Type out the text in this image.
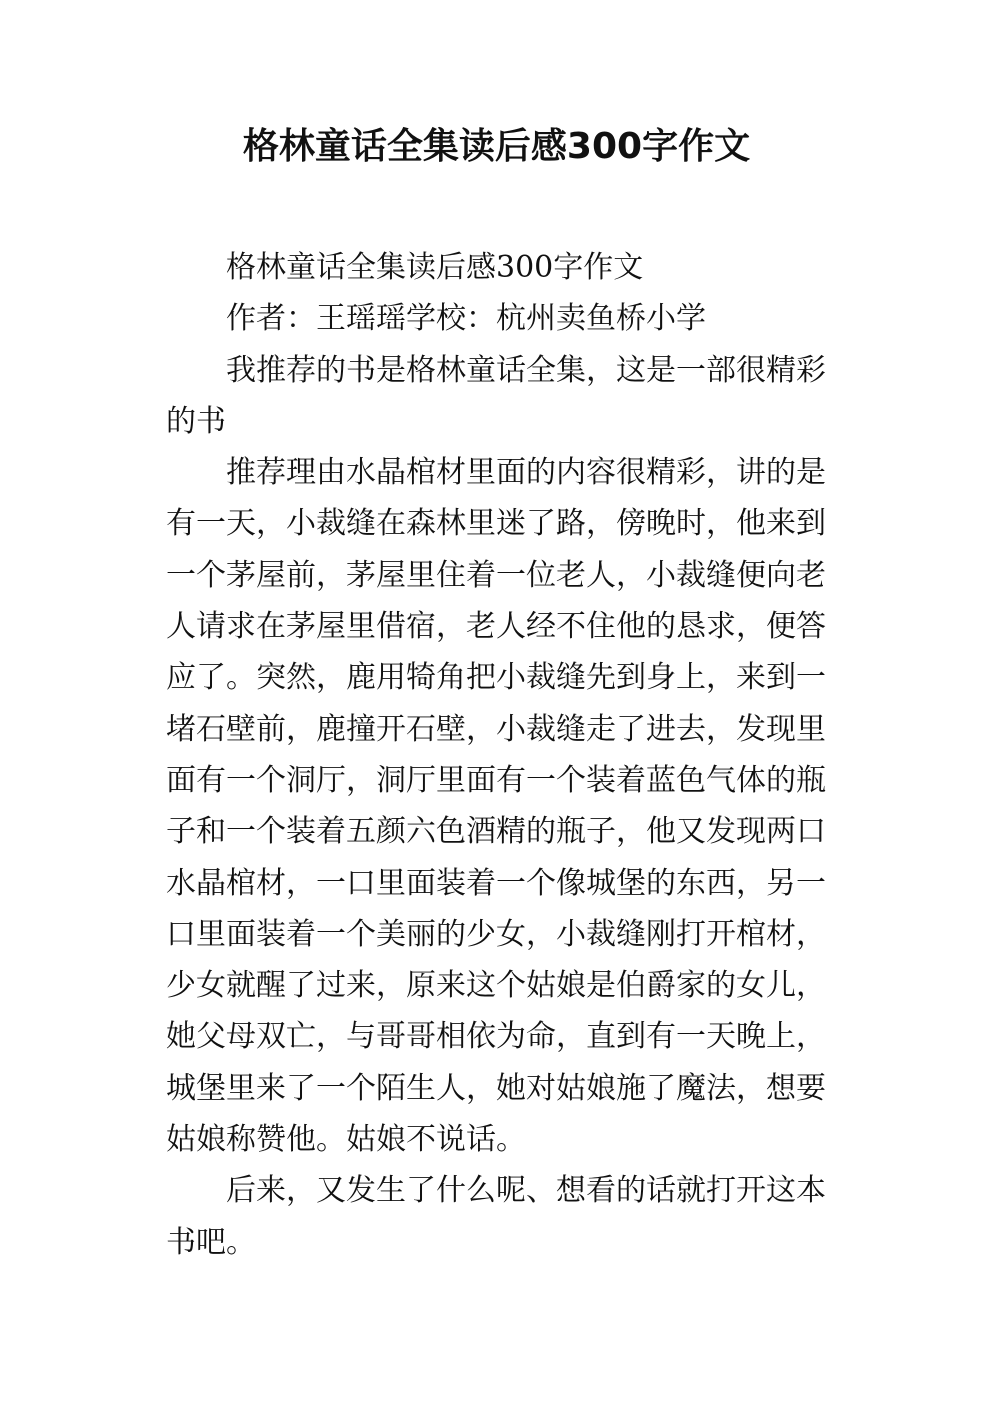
格林童话全集读后感300字作文

格林童话全集读后感300字作文

作者：王瑶瑶学校：杭州卖鱼桥小学

我推荐的书是格林童话全集，这是一部很精彩的书

推荐理由水晶棺材里面的内容很精彩，讲的是有一天，小裁缝在森林里迷了路，傍晚时，他来到一个茅屋前，茅屋里住着一位老人，小裁缝便向老人请求在茅屋里借宿，老人经不住他的恳求，便答应了。突然，鹿用犄角把小裁缝先到身上，来到一堵石壁前，鹿撞开石壁，小裁缝走了进去，发现里面有一个洞厅，洞厅里面有一个装着蓝色气体的瓶子和一个装着五颜六色酒精的瓶子，他又发现两口水晶棺材，一口里面装着一个像城堡的东西，另一口里面装着一个美丽的少女，小裁缝刚打开棺材，少女就醒了过来，原来这个姑娘是伯爵家的女儿，她父母双亡，与哥哥相依为命，直到有一天晚上，城堡里来了一个陌生人，她对姑娘施了魔法，想要姑娘称赞他。姑娘不说话。

后来，又发生了什么呢、想看的话就打开这本书吧。
